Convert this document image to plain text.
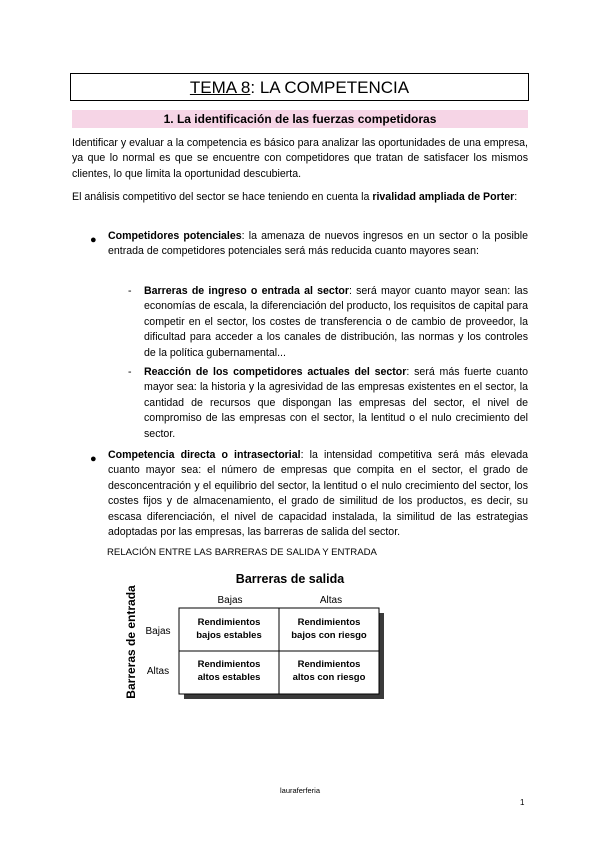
TEMA 8: LA COMPETENCIA
1. La identificación de las fuerzas competidoras
Identificar y evaluar a la competencia es básico para analizar las oportunidades de una empresa, ya que lo normal es que se encuentre con competidores que tratan de satisfacer los mismos clientes, lo que limita la oportunidad descubierta.
El análisis competitivo del sector se hace teniendo en cuenta la rivalidad ampliada de Porter:
● Competidores potenciales: la amenaza de nuevos ingresos en un sector o la posible entrada de competidores potenciales será más reducida cuanto mayores sean:
- Barreras de ingreso o entrada al sector: será mayor cuanto mayor sean: las economías de escala, la diferenciación del producto, los requisitos de capital para competir en el sector, los costes de transferencia o de cambio de proveedor, la dificultad para acceder a los canales de distribución, las normas y los controles de la política gubernamental...
- Reacción de los competidores actuales del sector: será más fuerte cuanto mayor sea: la historia y la agresividad de las empresas existentes en el sector, la cantidad de recursos que dispongan las empresas del sector, el nivel de compromiso de las empresas con el sector, la lentitud o el nulo crecimiento del sector.
● Competencia directa o intrasectorial: la intensidad competitiva será más elevada cuanto mayor sea: el número de empresas que compita en el sector, el grado de desconcentración y el equilibrio del sector, la lentitud o el nulo crecimiento del sector, los costes fijos y de almacenamiento, el grado de similitud de los productos, es decir, su escasa diferenciación, el nivel de capacidad instalada, la similitud de las estrategias adoptadas por las empresas, las barreras de salida del sector.
RELACIÓN ENTRE LAS BARRERAS DE SALIDA Y ENTRADA
Barreras de salida
Barreras de entrada	Bajas	Altas
Bajas
Altas
Rendimientos bajos estables
Rendimientos bajos con riesgo
Rendimientos altos estables
Rendimientos altos con riesgo
lauraferferia
1
